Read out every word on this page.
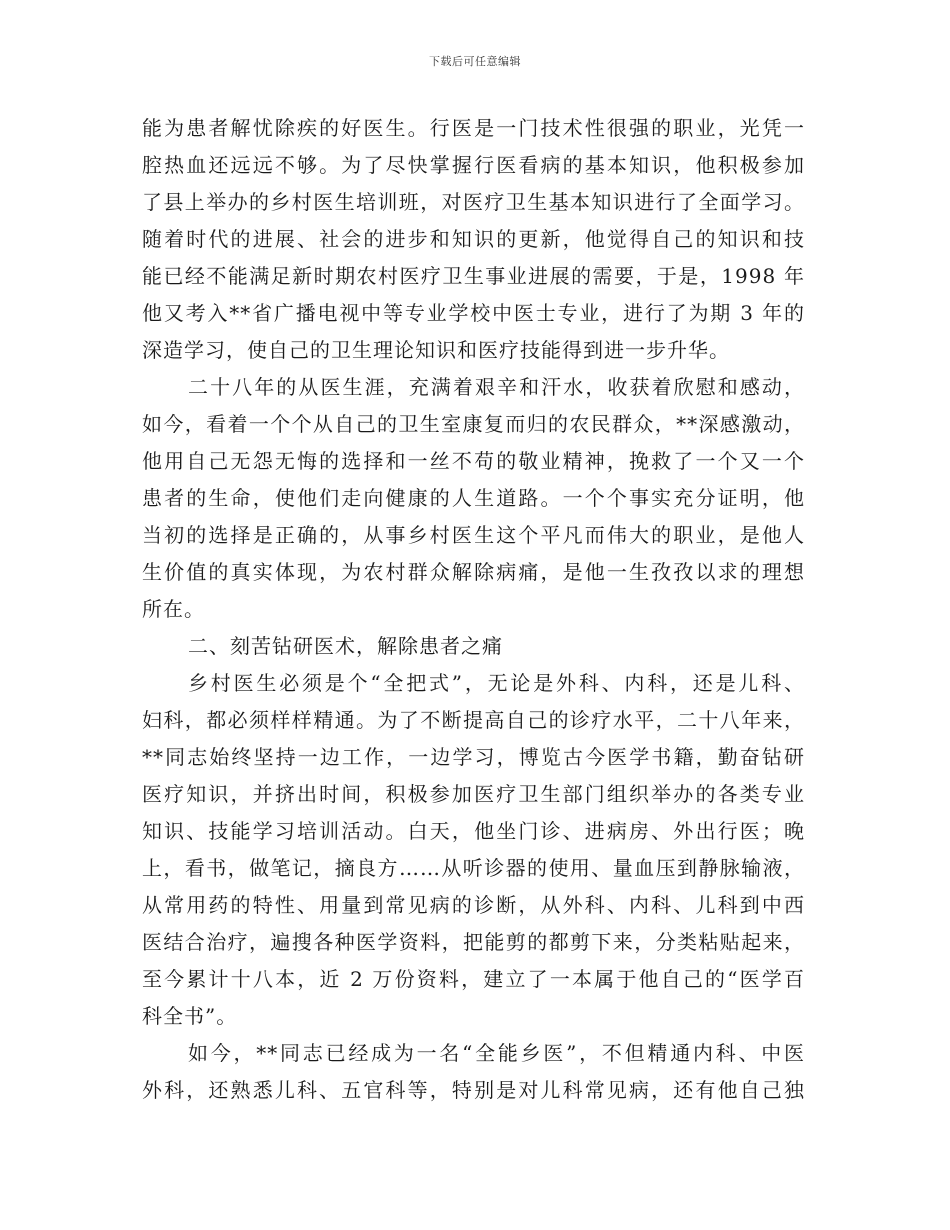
下载后可任意编辑
能为患者解忧除疾的好医生。行医是一门技术性很强的职业，光凭一
腔热血还远远不够。为了尽快掌握行医看病的基本知识，他积极参加
了县上举办的乡村医生培训班，对医疗卫生基本知识进行了全面学习。
随着时代的进展、社会的进步和知识的更新，他觉得自己的知识和技
能已经不能满足新时期农村医疗卫生事业进展的需要，于是，1998 年
他又考入**省广播电视中等专业学校中医士专业，进行了为期 3 年的
深造学习，使自己的卫生理论知识和医疗技能得到进一步升华。
二十八年的从医生涯，充满着艰辛和汗水，收获着欣慰和感动，
如今，看着一个个从自己的卫生室康复而归的农民群众，**深感激动，
他用自己无怨无悔的选择和一丝不苟的敬业精神，挽救了一个又一个
患者的生命，使他们走向健康的人生道路。一个个事实充分证明，他
当初的选择是正确的，从事乡村医生这个平凡而伟大的职业，是他人
生价值的真实体现，为农村群众解除病痛，是他一生孜孜以求的理想
所在。
二、刻苦钻研医术，解除患者之痛
乡村医生必须是个“全把式”，无论是外科、内科，还是儿科、
妇科，都必须样样精通。为了不断提高自己的诊疗水平，二十八年来，
**同志始终坚持一边工作，一边学习，博览古今医学书籍，勤奋钻研
医疗知识，并挤出时间，积极参加医疗卫生部门组织举办的各类专业
知识、技能学习培训活动。白天，他坐门诊、进病房、外出行医；晚
上，看书，做笔记，摘良方……从听诊器的使用、量血压到静脉输液，
从常用药的特性、用量到常见病的诊断，从外科、内科、儿科到中西
医结合治疗，遍搜各种医学资料，把能剪的都剪下来，分类粘贴起来，
至今累计十八本，近 2 万份资料，建立了一本属于他自己的“医学百
科全书”。
如今，**同志已经成为一名“全能乡医”，不但精通内科、中医
外科，还熟悉儿科、五官科等，特别是对儿科常见病，还有他自己独
